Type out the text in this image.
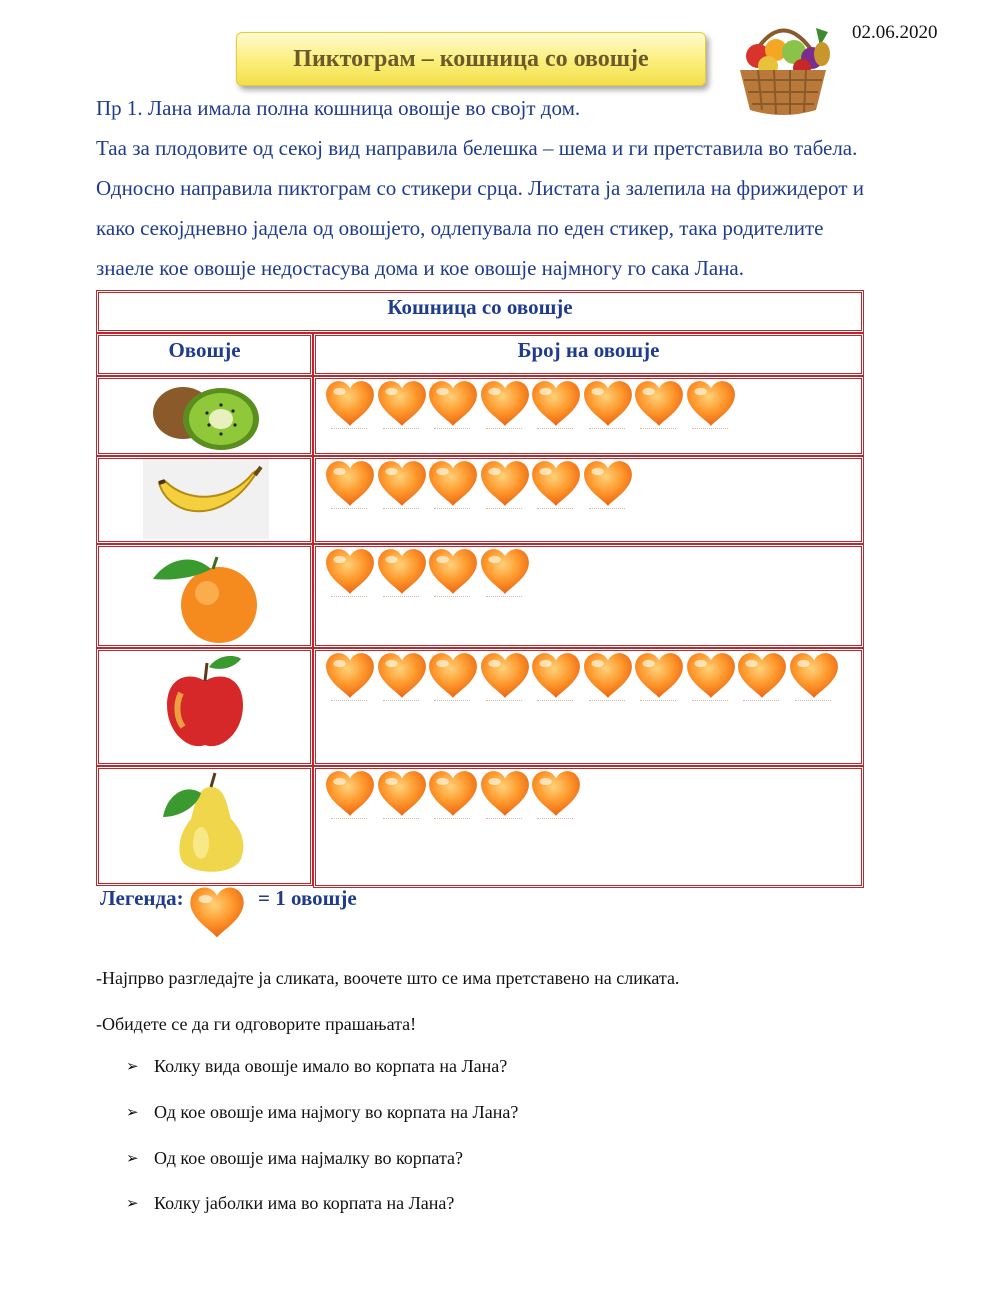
02.06.2020
Пиктограм – кошница со овошје
Пр 1. Лана имала полна кошница овошје во својт дом.
Таа за плодовите од секој вид направила белешка – шема и ги претставила во табела.
Односно направила пиктограм со стикери срца. Листата ја залепила на фрижидерот и
како секојдневно јадела од овошјето, одлепувала по еден стикер, така родителите
знаеле кое овошје недостасува дома и кое овошје најмногу го сака Лана.
Кошница со овошје
Овошје	Број на овошје
Легенда:	= 1 овошје
-Најпрво разгледајте ја сликата, воочете што се има претставено на сликата.
-Обидете се да ги одговорите прашањата!
➢ Колку вида овошје имало во корпата на Лана?
➢ Од кое овошје има најмогу во корпата на Лана?
➢ Од кое овошје има најмалку во корпата?
➢ Колку јаболки има во корпата на Лана?
